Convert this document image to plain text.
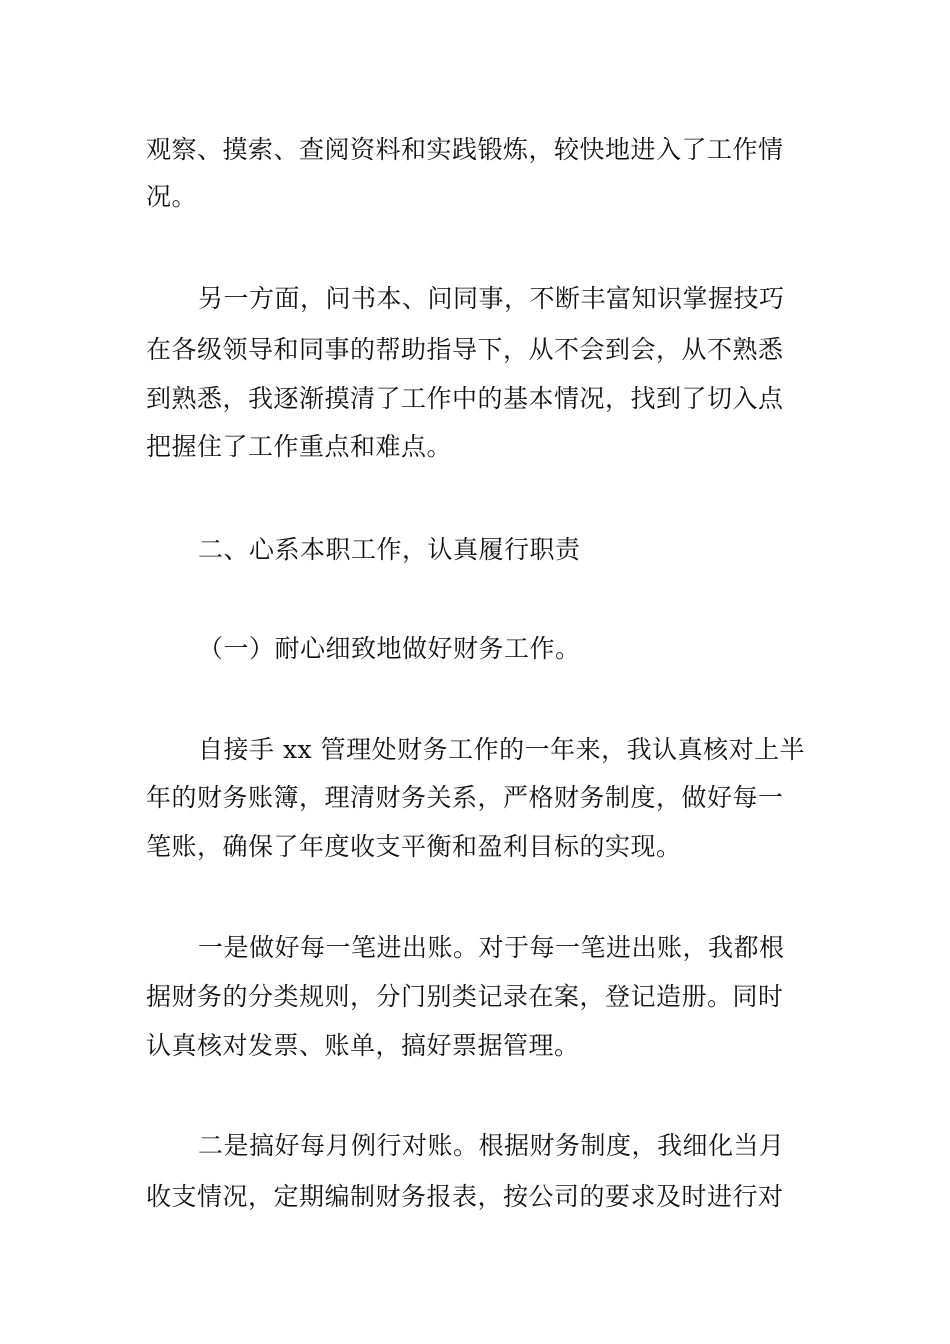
观察、摸索、查阅资料和实践锻炼，较快地进入了工作情
况。
另一方面，问书本、问同事，不断丰富知识掌握技巧
在各级领导和同事的帮助指导下，从不会到会，从不熟悉
到熟悉，我逐渐摸清了工作中的基本情况，找到了切入点
把握住了工作重点和难点。
二、心系本职工作，认真履行职责
（一）耐心细致地做好财务工作。
自接手 xx 管理处财务工作的一年来，我认真核对上半
年的财务账簿，理清财务关系，严格财务制度，做好每一
笔账，确保了年度收支平衡和盈利目标的实现。
一是做好每一笔进出账。对于每一笔进出账，我都根
据财务的分类规则，分门别类记录在案，登记造册。同时
认真核对发票、账单，搞好票据管理。
二是搞好每月例行对账。根据财务制度，我细化当月
收支情况，定期编制财务报表，按公司的要求及时进行对
